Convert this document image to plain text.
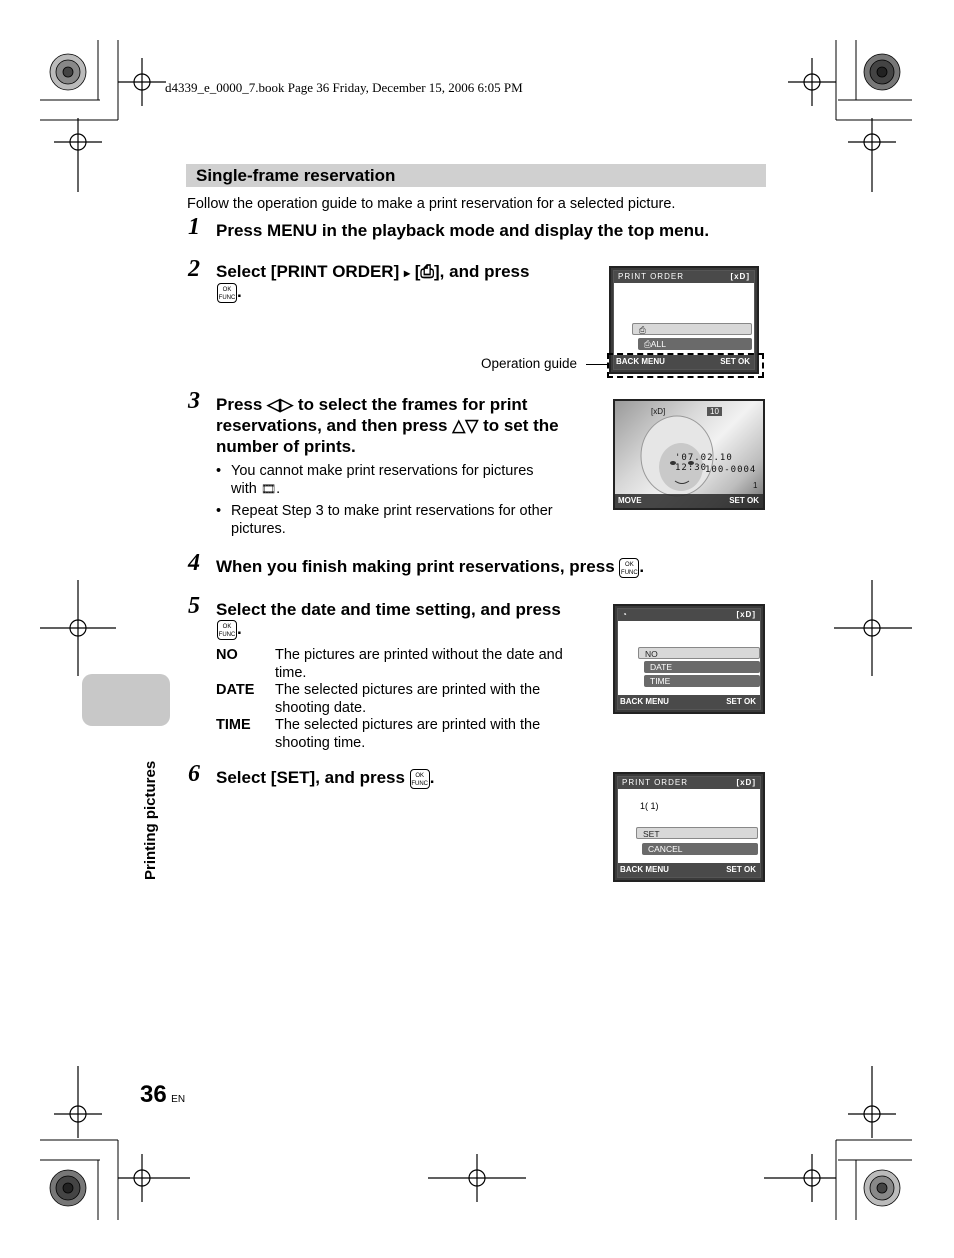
d4339_e_0000_7.book Page 36 Friday, December 15, 2006 6:05 PM
Single-frame reservation
Follow the operation guide to make a print reservation for a selected picture.
1 Press MENU in the playback mode and display the top menu.
2 Select [PRINT ORDER] ▸ [⎙], and press
OK
FUNC.
PRINT ORDER	[xD]
⎙
⎙ALL
BACK MENU	SET OK
Operation guide
3 Press ◁▷ to select the frames for print
reservations, and then press △▽ to set the
number of prints.
• You cannot make print reservations for pictures
with 🎞.
• Repeat Step 3 to make print reservations for other
pictures.
[xD]	10
'07.02.10 12:30
100-0004
1
MOVE	SET OK
4 When you finish making print reservations, press OK
FUNC.
5 Select the date and time setting, and press
OK
FUNC.
NO	The pictures are printed without the date and
time.
DATE The selected pictures are printed with the
shooting date.
TIME The selected pictures are printed with the
shooting time.
◔	[xD]
NO
DATE
TIME
BACK MENU	SET OK
6 Select [SET], and press OK
FUNC.	PRINT ORDER	[xD]
1( 1)
SET
CANCEL
BACK MENU	SET OK
Printing pictures
36 EN
